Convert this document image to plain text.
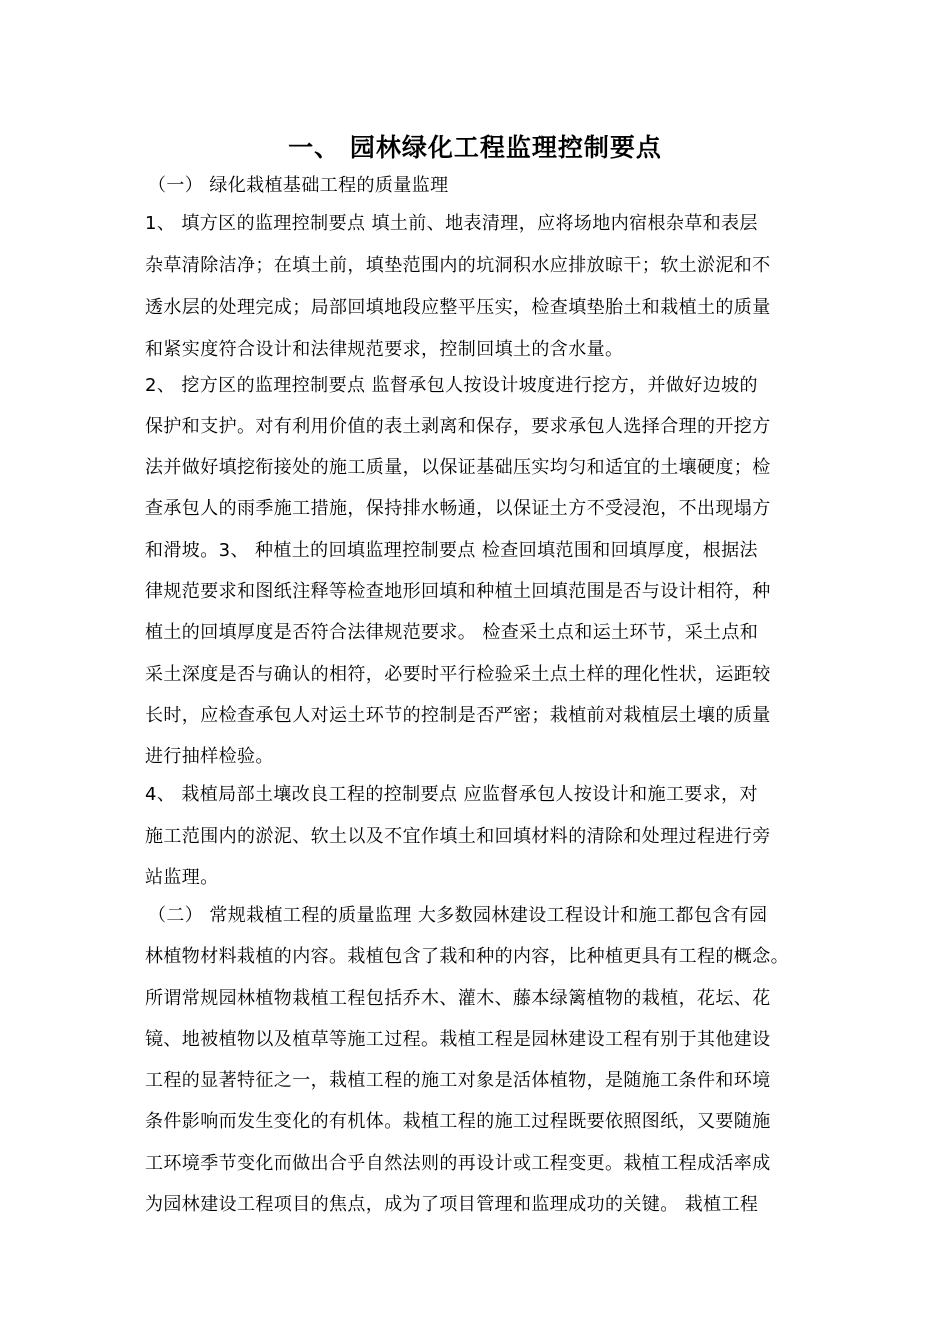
一、 园林绿化工程监理控制要点
（一） 绿化栽植基础工程的质量监理
1、 填方区的监理控制要点 填土前、地表清理，应将场地内宿根杂草和表层
杂草清除洁净；在填土前，填垫范围内的坑洞积水应排放晾干；软土淤泥和不
透水层的处理完成；局部回填地段应整平压实，检查填垫胎土和栽植土的质量
和紧实度符合设计和法律规范要求，控制回填土的含水量。
2、 挖方区的监理控制要点 监督承包人按设计坡度进行挖方，并做好边坡的
保护和支护。对有利用价值的表土剥离和保存，要求承包人选择合理的开挖方
法并做好填挖衔接处的施工质量，以保证基础压实均匀和适宜的土壤硬度；检
查承包人的雨季施工措施，保持排水畅通，以保证土方不受浸泡，不出现塌方
和滑坡。3、 种植土的回填监理控制要点 检查回填范围和回填厚度，根据法
律规范要求和图纸注释等检查地形回填和种植土回填范围是否与设计相符，种
植土的回填厚度是否符合法律规范要求。 检查采土点和运土环节，采土点和
采土深度是否与确认的相符，必要时平行检验采土点土样的理化性状，运距较
长时，应检查承包人对运土环节的控制是否严密；栽植前对栽植层土壤的质量
进行抽样检验。
4、 栽植局部土壤改良工程的控制要点 应监督承包人按设计和施工要求，对
施工范围内的淤泥、软土以及不宜作填土和回填材料的清除和处理过程进行旁
站监理。
（二） 常规栽植工程的质量监理 大多数园林建设工程设计和施工都包含有园
林植物材料栽植的内容。栽植包含了栽和种的内容，比种植更具有工程的概念。
所谓常规园林植物栽植工程包括乔木、灌木、藤本绿篱植物的栽植，花坛、花
镜、地被植物以及植草等施工过程。栽植工程是园林建设工程有别于其他建设
工程的显著特征之一，栽植工程的施工对象是活体植物，是随施工条件和环境
条件影响而发生变化的有机体。栽植工程的施工过程既要依照图纸，又要随施
工环境季节变化而做出合乎自然法则的再设计或工程变更。栽植工程成活率成
为园林建设工程项目的焦点，成为了项目管理和监理成功的关键。 栽植工程
